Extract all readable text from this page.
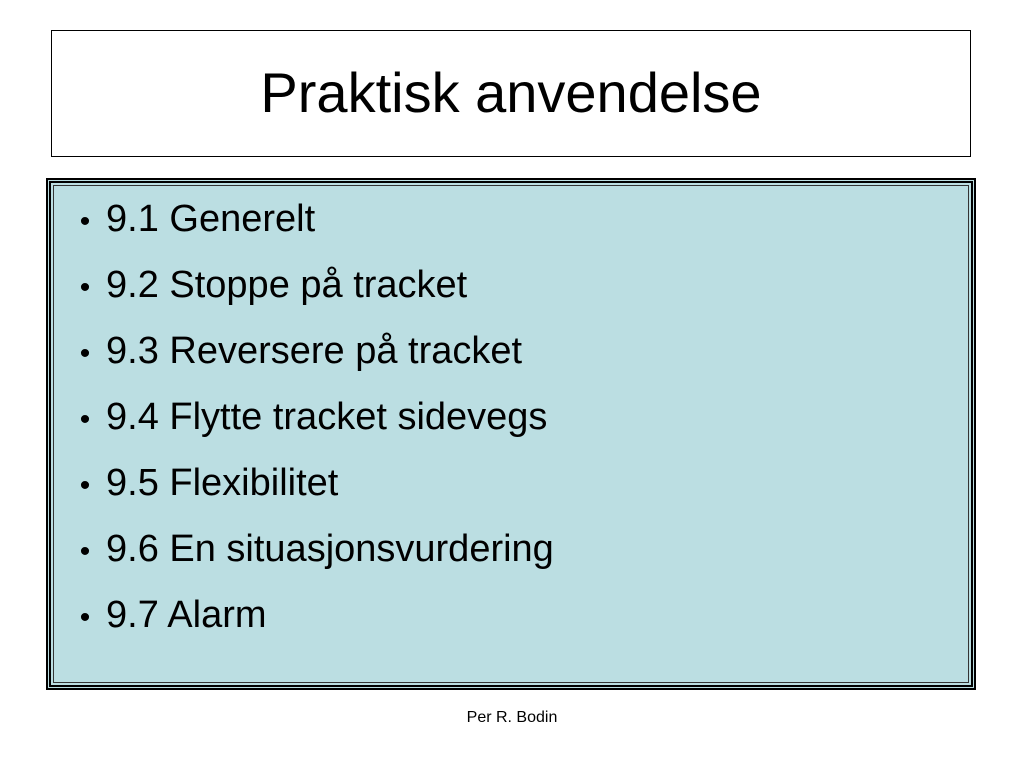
Praktisk anvendelse
• 9.1 Generelt
• 9.2 Stoppe på tracket
• 9.3 Reversere på tracket
• 9.4 Flytte tracket sidevegs
• 9.5 Flexibilitet
• 9.6 En situasjonsvurdering
• 9.7 Alarm
Per R. Bodin
